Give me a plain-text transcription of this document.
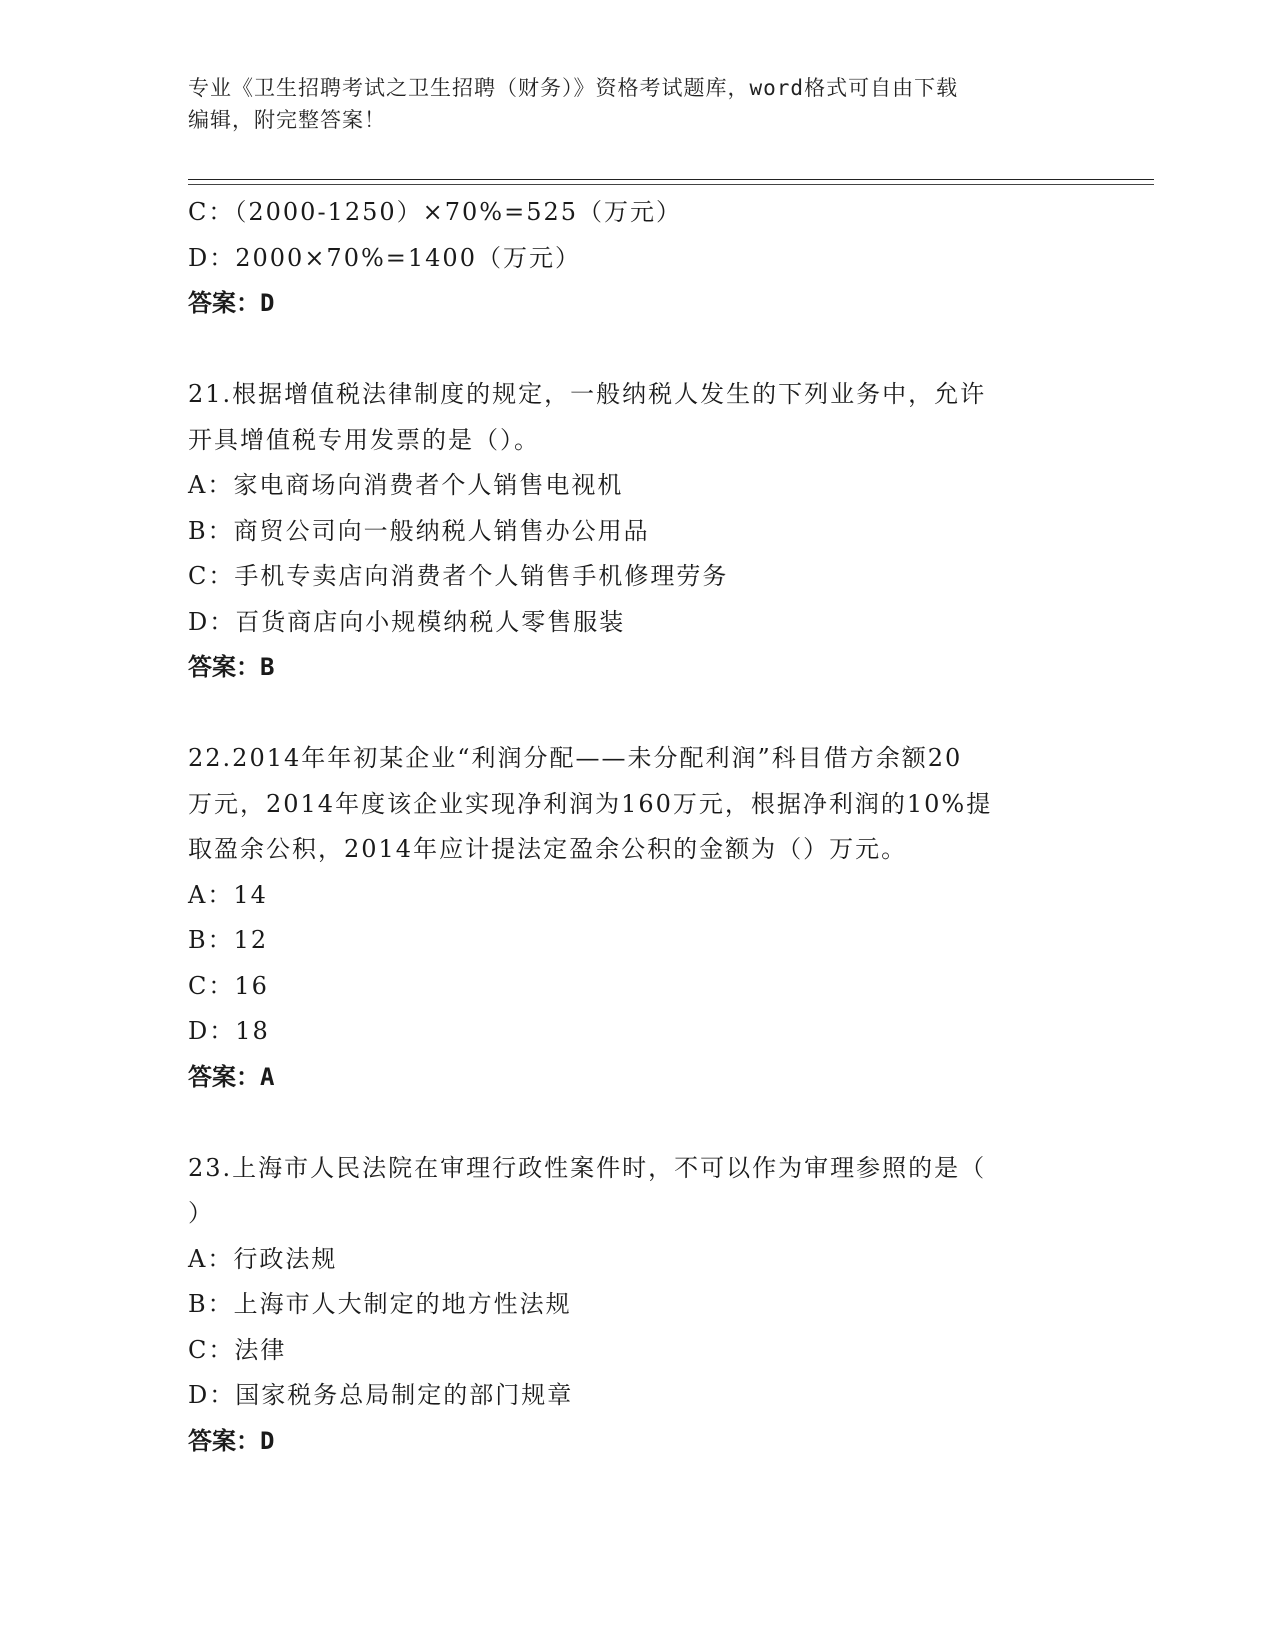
专业《卫生招聘考试之卫生招聘（财务）》资格考试题库，word格式可自由下载
编辑，附完整答案！
C：（2000-1250）×70%=525（万元）
D：2000×70%=1400（万元）
答案：D
21.根据增值税法律制度的规定，一般纳税人发生的下列业务中，允许
开具增值税专用发票的是（）。
A：家电商场向消费者个人销售电视机
B：商贸公司向一般纳税人销售办公用品
C：手机专卖店向消费者个人销售手机修理劳务
D：百货商店向小规模纳税人零售服装
答案：B
22.2014年年初某企业“利润分配——未分配利润”科目借方余额20
万元，2014年度该企业实现净利润为160万元，根据净利润的10%提
取盈余公积，2014年应计提法定盈余公积的金额为（）万元。
A：14
B：12
C：16
D：18
答案：A
23.上海市人民法院在审理行政性案件时，不可以作为审理参照的是（
）
A：行政法规
B：上海市人大制定的地方性法规
C：法律
D：国家税务总局制定的部门规章
答案：D
